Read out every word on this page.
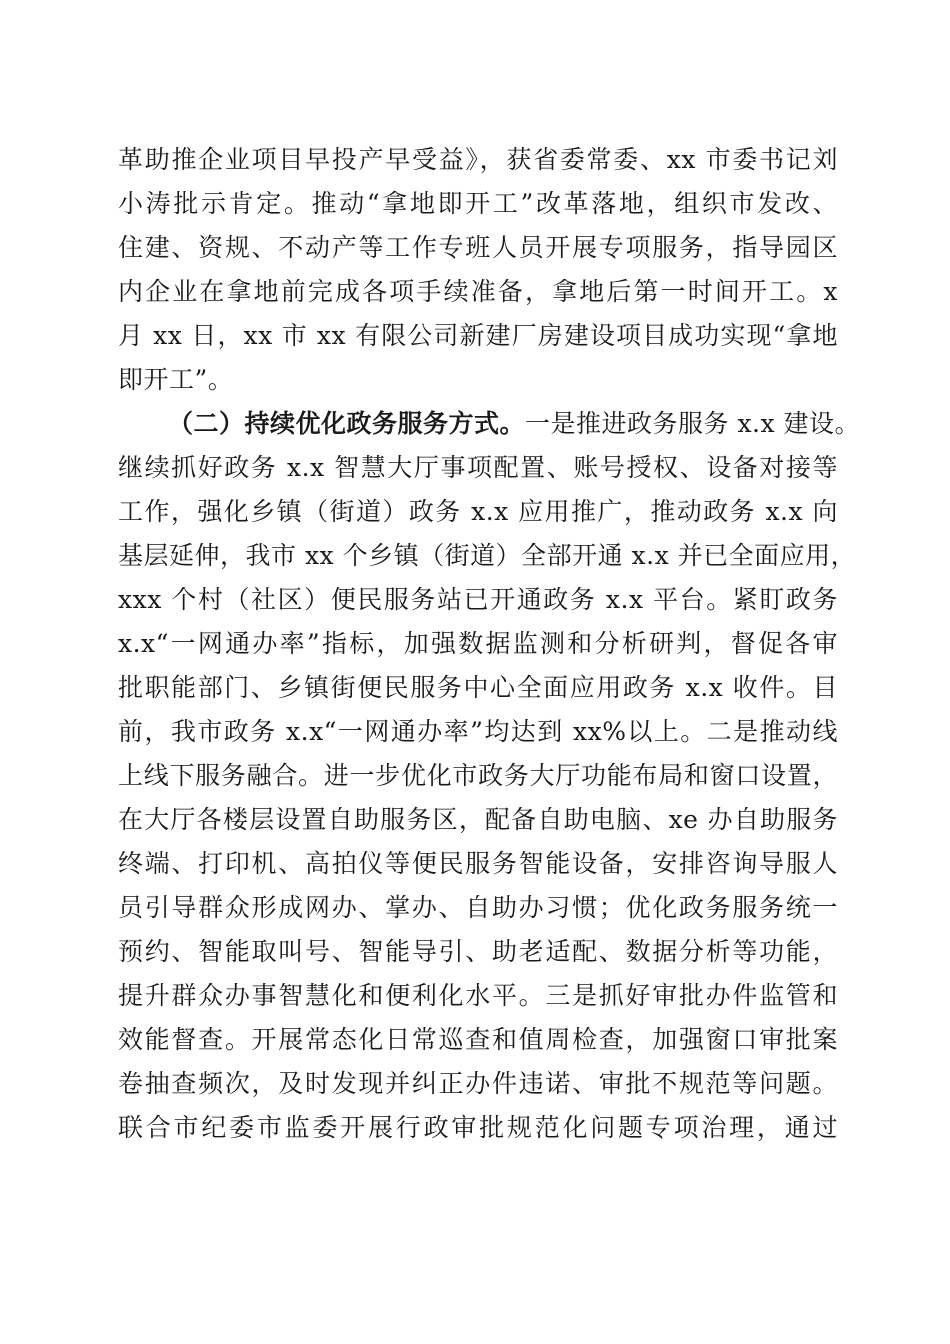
革助推企业项目早投产早受益》，获省委常委、xx 市委书记刘
小涛批示肯定。推动“拿地即开工”改革落地，组织市发改、
住建、资规、不动产等工作专班人员开展专项服务，指导园区
内企业在拿地前完成各项手续准备，拿地后第一时间开工。x
月 xx 日，xx 市 xx 有限公司新建厂房建设项目成功实现“拿地
即开工”。
（二）持续优化政务服务方式。一是推进政务服务 x.x 建设。
继续抓好政务 x.x 智慧大厅事项配置、账号授权、设备对接等
工作，强化乡镇（街道）政务 x.x 应用推广，推动政务 x.x 向
基层延伸，我市 xx 个乡镇（街道）全部开通 x.x 并已全面应用，
xxx 个村（社区）便民服务站已开通政务 x.x 平台。紧盯政务
x.x“一网通办率”指标，加强数据监测和分析研判，督促各审
批职能部门、乡镇街便民服务中心全面应用政务 x.x 收件。目
前，我市政务 x.x“一网通办率”均达到 xx%以上。二是推动线
上线下服务融合。进一步优化市政务大厅功能布局和窗口设置，
在大厅各楼层设置自助服务区，配备自助电脑、xe 办自助服务
终端、打印机、高拍仪等便民服务智能设备，安排咨询导服人
员引导群众形成网办、掌办、自助办习惯；优化政务服务统一
预约、智能取叫号、智能导引、助老适配、数据分析等功能，
提升群众办事智慧化和便利化水平。三是抓好审批办件监管和
效能督查。开展常态化日常巡查和值周检查，加强窗口审批案
卷抽查频次，及时发现并纠正办件违诺、审批不规范等问题。
联合市纪委市监委开展行政审批规范化问题专项治理，通过
